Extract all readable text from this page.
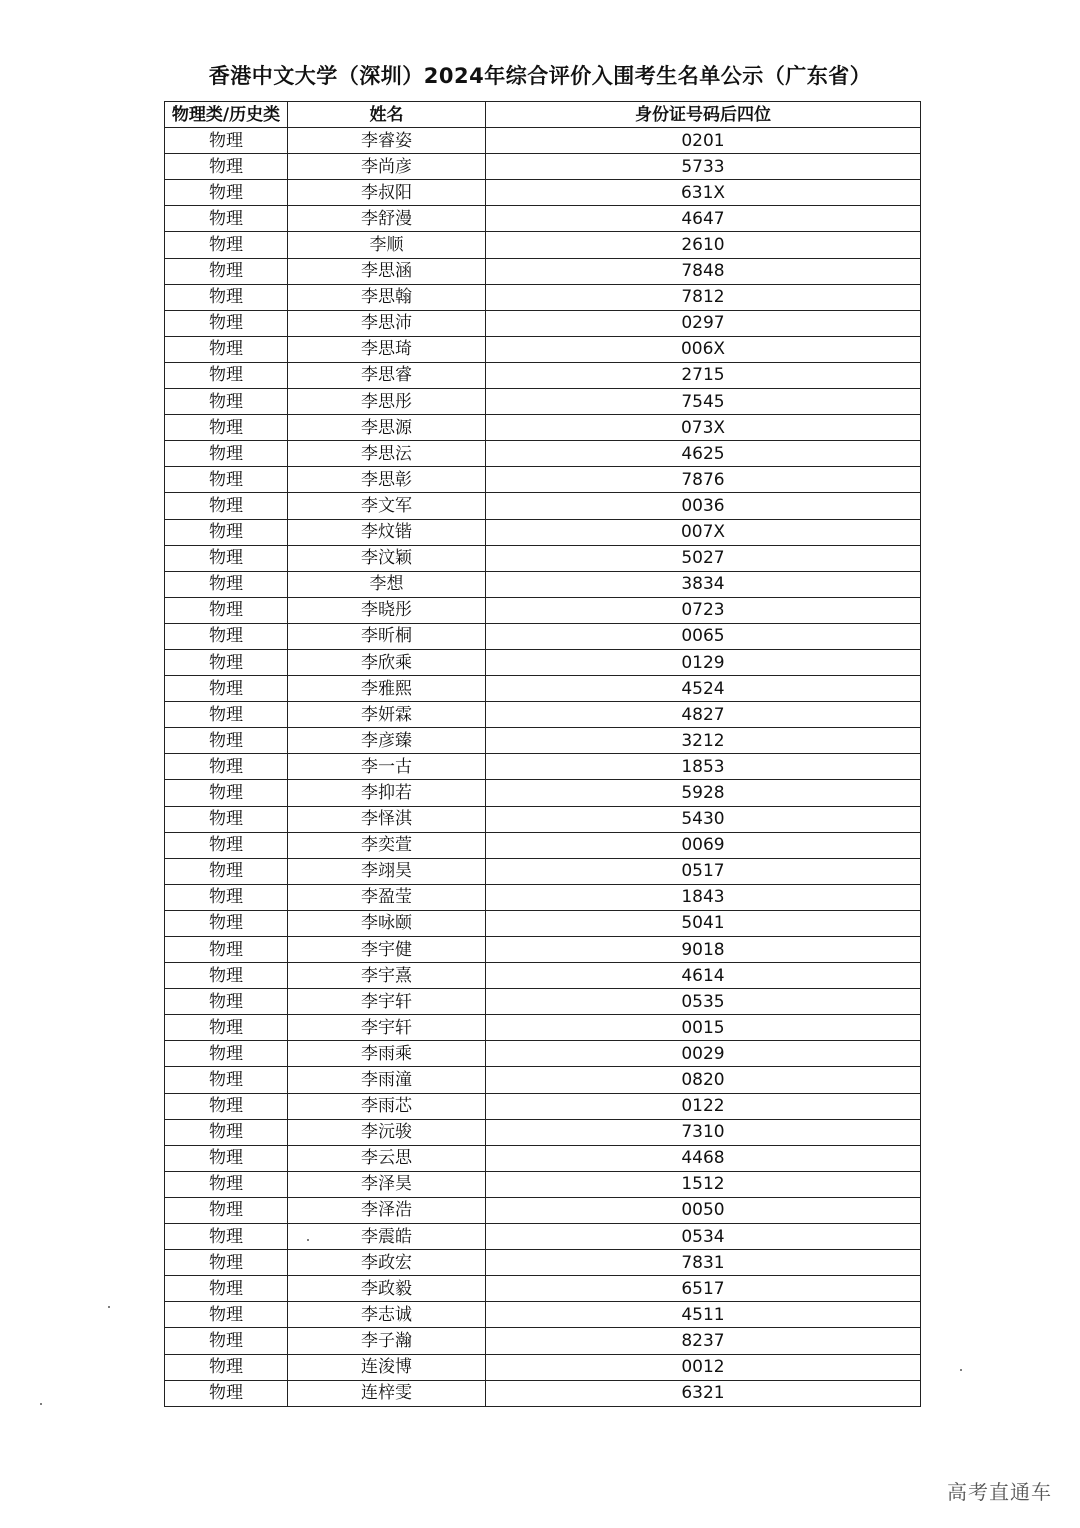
香港中文大学（深圳）2024年综合评价入围考生名单公示（广东省）
物理类/历史类	姓名	身份证号码后四位
物理	李睿姿	0201
物理	李尚彦	5733
物理	李叔阳	631X
物理	李舒漫	4647
物理	李顺	2610
物理	李思涵	7848
物理	李思翰	7812
物理	李思沛	0297
物理	李思琦	006X
物理	李思睿	2715
物理	李思彤	7545
物理	李思源	073X
物理	李思沄	4625
物理	李思彰	7876
物理	李文军	0036
物理	李炆锴	007X
物理	李汶颖	5027
物理	李想	3834
物理	李晓彤	0723
物理	李昕桐	0065
物理	李欣乘	0129
物理	李雅熙	4524
物理	李妍霖	4827
物理	李彦臻	3212
物理	李一古	1853
物理	李抑若	5928
物理	李怿淇	5430
物理	李奕萱	0069
物理	李翊昊	0517
物理	李盈莹	1843
物理	李咏颐	5041
物理	李宇健	9018
物理	李宇熹	4614
物理	李宇轩	0535
物理	李宇轩	0015
物理	李雨乘	0029
物理	李雨潼	0820
物理	李雨芯	0122
物理	李沅骏	7310
物理	李云思	4468
物理	李泽昊	1512
物理	李泽浩	0050
物理	李震皓	0534
物理	李政宏	7831
物理	李政毅	6517
物理	李志诚	4511
物理	李子瀚	8237
物理	连浚博	0012
物理	连梓雯	6321
高考直通车
